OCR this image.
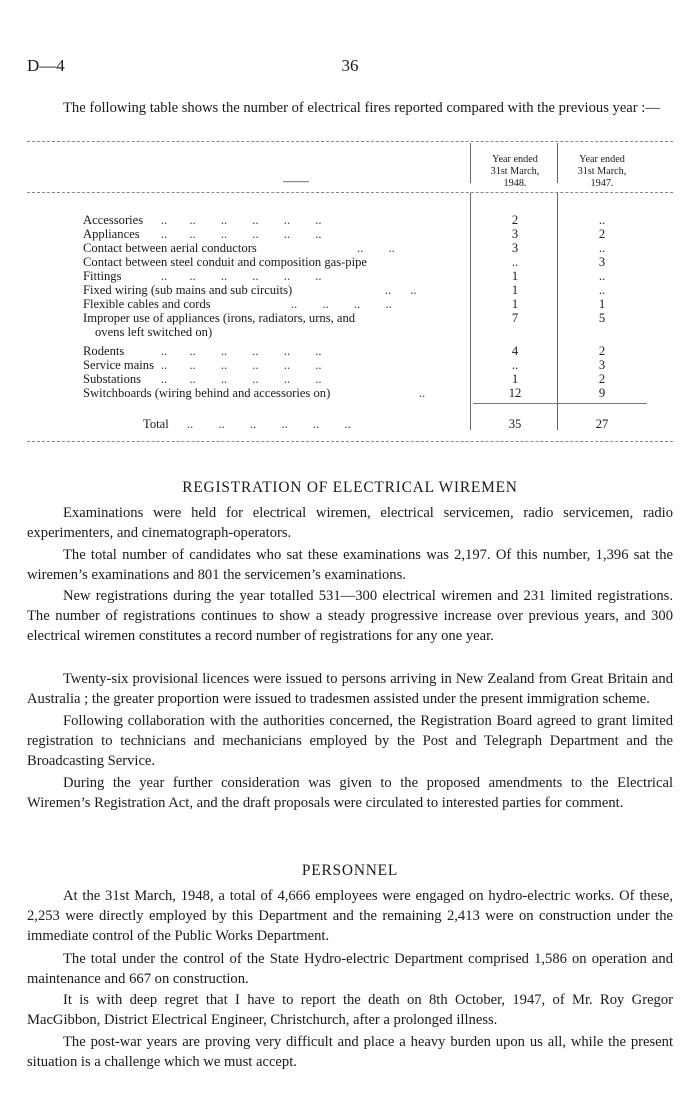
D—4	36

The following table shows the number of electrical fires reported compared with the previous year :—

——
Year ended
31st March,
1948.
Year ended
31st March,
1947.
Accessories ..       ..        ..        ..        ..        ..	2	..
Appliances ..       ..        ..        ..        ..        ..	3	2
Contact between aerial conductors	..        ..	3	..
Contact between steel conduit and composition gas-pipe	..	3
Fittings	..       ..        ..        ..        ..        ..	1	..
Fixed wiring (sub mains and sub circuits)	..      ..	1	..
Flexible cables and cords	..        ..        ..        ..	1	1
Improper use of appliances (irons, radiators, urns, and	7	5
ovens left switched on)
Rodents	..       ..        ..        ..        ..        ..	4	2
Service mains ..       ..        ..        ..        ..        ..	..	3
Substations ..       ..        ..        ..        ..        ..	1	2
Switchboards (wiring behind and accessories on)	..	12	9
Total ..        ..        ..        ..        ..        ..	35	27
REGISTRATION OF ELECTRICAL WIREMEN

Examinations were held for electrical wiremen, electrical servicemen, radio servicemen, radio experimenters, and cinematograph-operators.

The total number of candidates who sat these examinations was 2,197. Of this number, 1,396 sat the wiremen’s examinations and 801 the servicemen’s examinations.

New registrations during the year totalled 531—300 electrical wiremen and 231 limited registrations. The number of registrations continues to show a steady progressive increase over previous years, and 300 electrical wiremen constitutes a record number of registrations for any one year.

Twenty-six provisional licences were issued to persons arriving in New Zealand from Great Britain and Australia ; the greater proportion were issued to tradesmen assisted under the present immigration scheme.

Following collaboration with the authorities concerned, the Registration Board agreed to grant limited registration to technicians and mechanicians employed by the Post and Telegraph Department and the Broadcasting Service.

During the year further consideration was given to the proposed amendments to the Electrical Wiremen’s Registration Act, and the draft proposals were circulated to interested parties for comment.

PERSONNEL

At the 31st March, 1948, a total of 4,666 employees were engaged on hydro-electric works. Of these, 2,253 were directly employed by this Department and the remaining 2,413 were on construction under the immediate control of the Public Works Department.

The total under the control of the State Hydro-electric Department comprised 1,586 on operation and maintenance and 667 on construction.

It is with deep regret that I have to report the death on 8th October, 1947, of Mr. Roy Gregor MacGibbon, District Electrical Engineer, Christchurch, after a prolonged illness.

The post-war years are proving very difficult and place a heavy burden upon us all, while the present situation is a challenge which we must accept.
